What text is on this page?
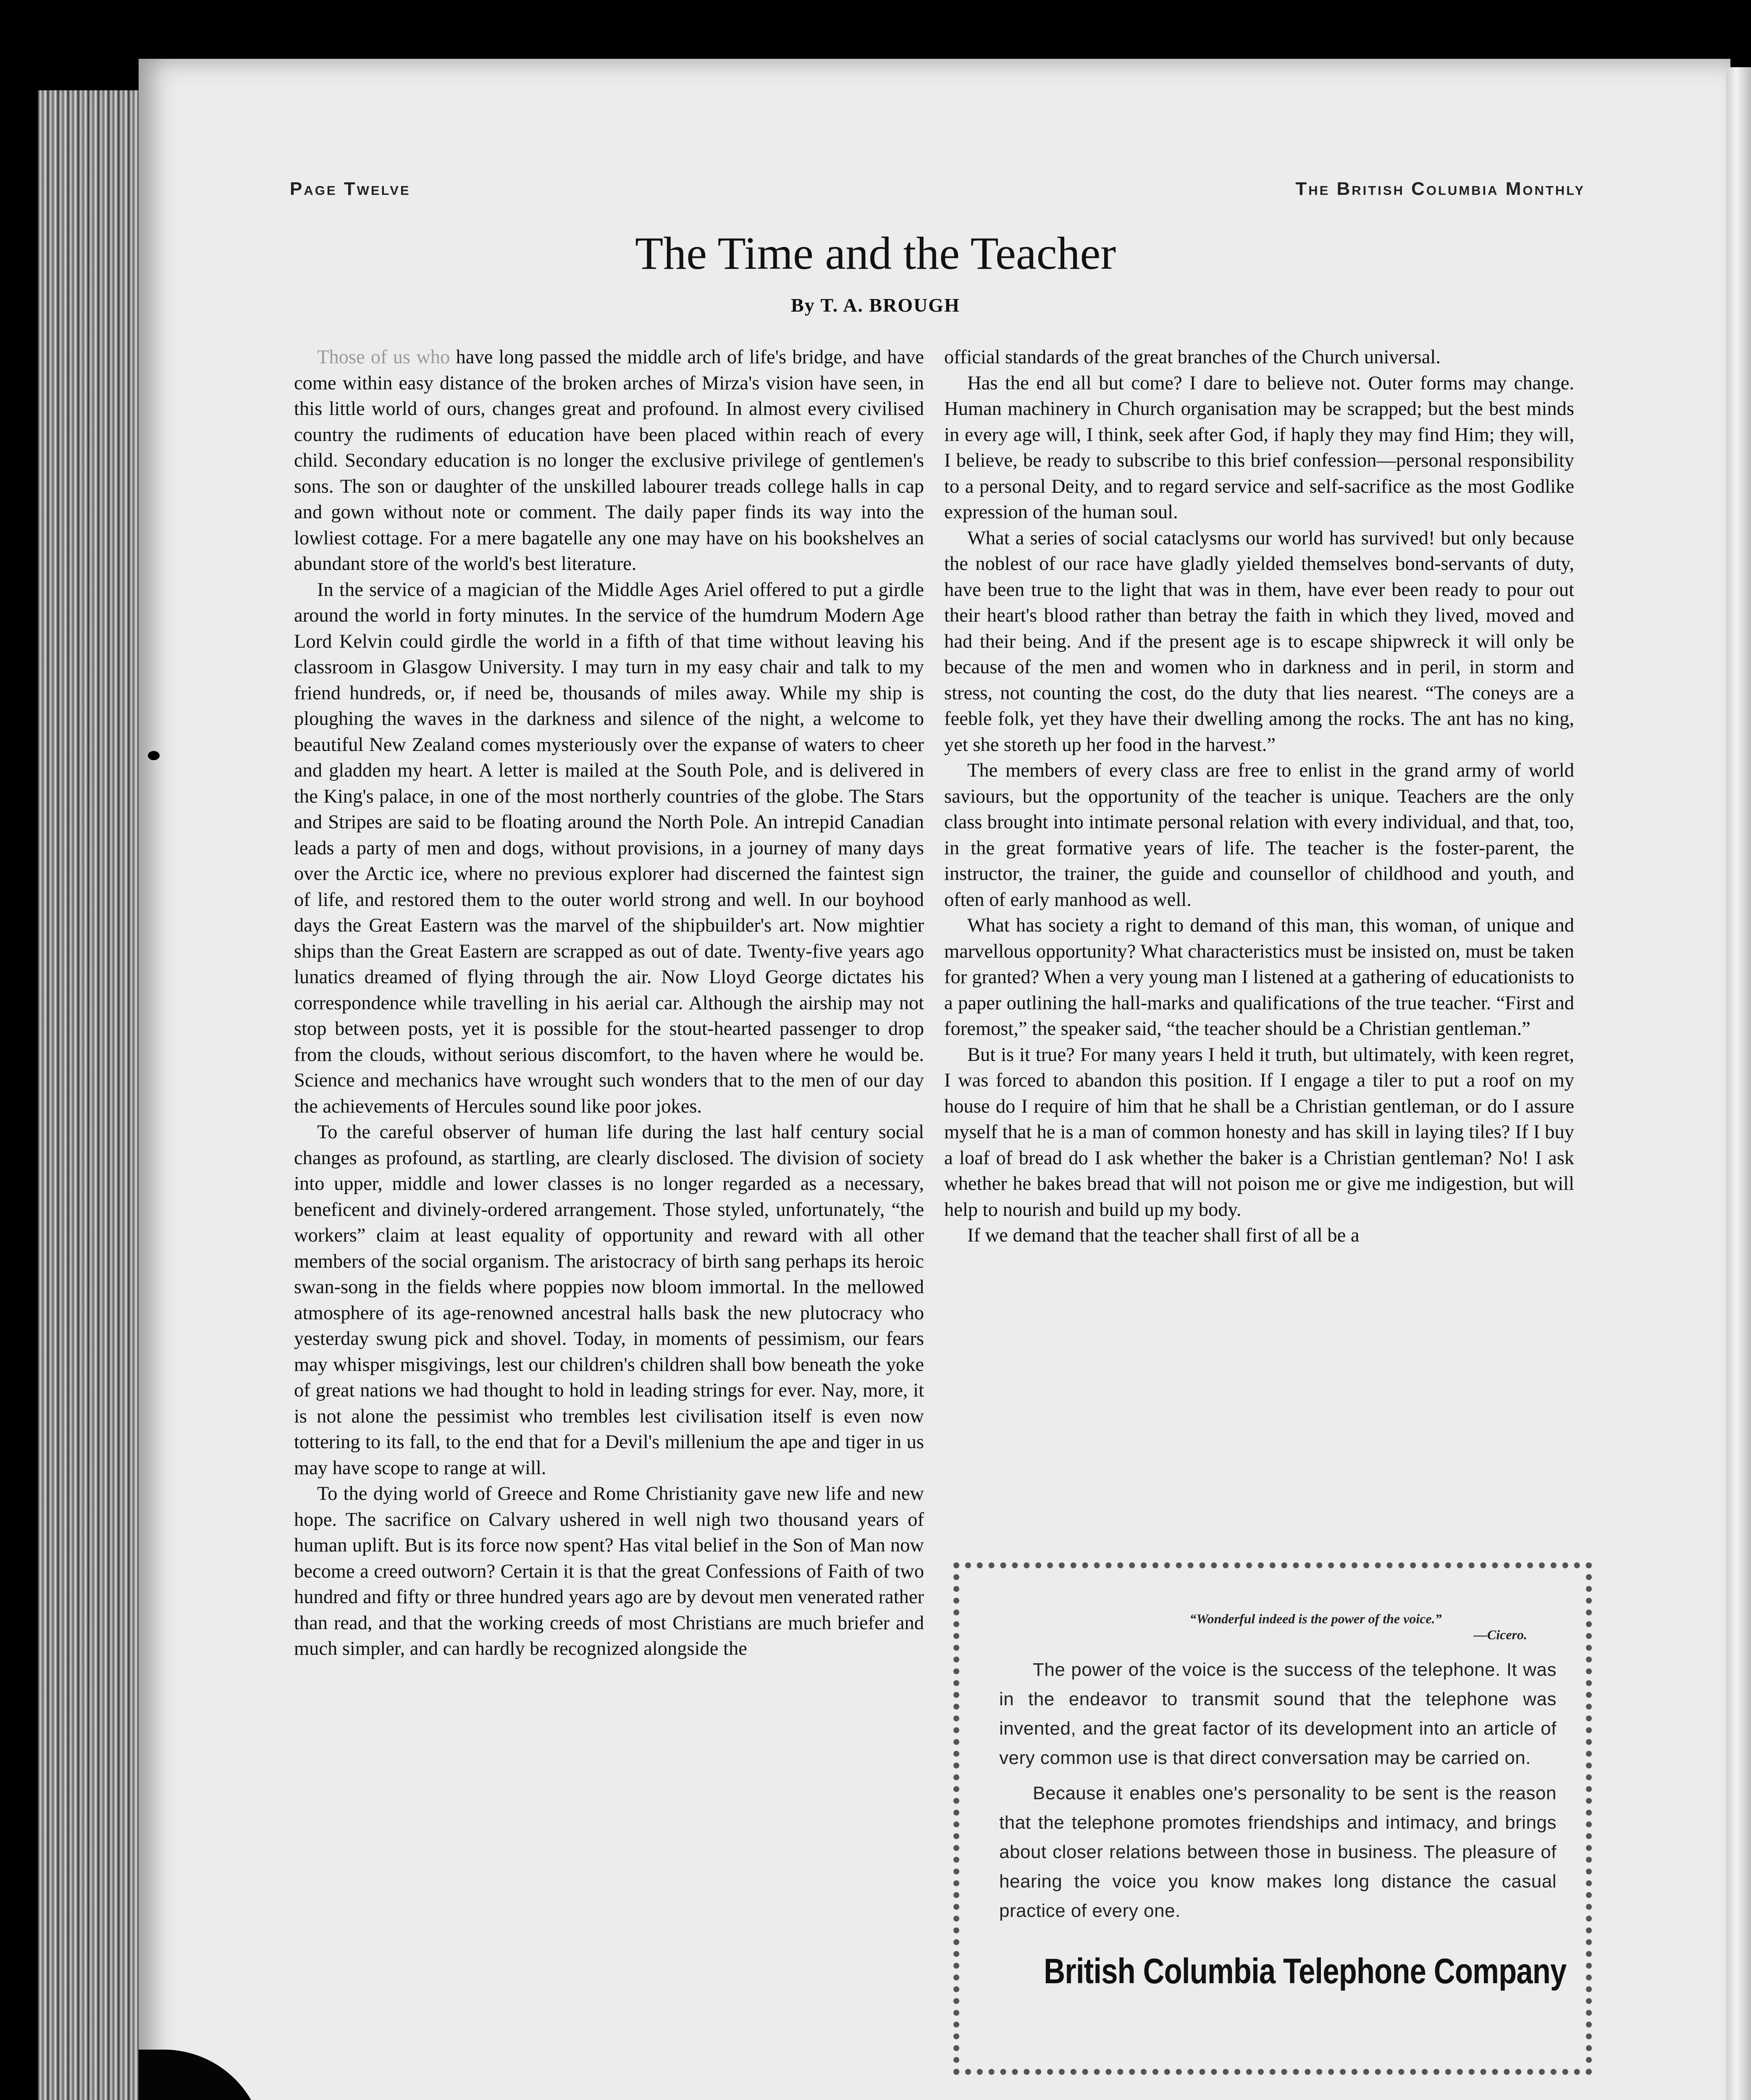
Page Twelve	The British Columbia Monthly
The Time and the Teacher
By T. A. BROUGH

Those of us who have long passed the middle arch of life's bridge, and have come within easy distance of the broken arches of Mirza's vision have seen, in this little world of ours, changes great and profound. In almost every civilised country the rudiments of education have been placed within reach of every child. Secondary education is no longer the exclusive privilege of gentlemen's sons. The son or daughter of the unskilled labourer treads college halls in cap and gown without note or comment. The daily paper finds its way into the lowliest cottage. For a mere bagatelle any one may have on his bookshelves an abundant store of the world's best literature.

In the service of a magician of the Middle Ages Ariel offered to put a girdle around the world in forty minutes. In the service of the humdrum Modern Age Lord Kelvin could girdle the world in a fifth of that time without leaving his classroom in Glasgow University. I may turn in my easy chair and talk to my friend hundreds, or, if need be, thousands of miles away. While my ship is ploughing the waves in the darkness and silence of the night, a welcome to beautiful New Zealand comes mysteriously over the expanse of waters to cheer and gladden my heart. A letter is mailed at the South Pole, and is delivered in the King's palace, in one of the most northerly countries of the globe. The Stars and Stripes are said to be floating around the North Pole. An intrepid Canadian leads a party of men and dogs, without provisions, in a journey of many days over the Arctic ice, where no previous explorer had discerned the faintest sign of life, and restored them to the outer world strong and well. In our boyhood days the Great Eastern was the marvel of the shipbuilder's art. Now mightier ships than the Great Eastern are scrapped as out of date. Twenty-five years ago lunatics dreamed of flying through the air. Now Lloyd George dictates his correspondence while travelling in his aerial car. Although the airship may not stop between posts, yet it is possible for the stout-hearted passenger to drop from the clouds, without serious discomfort, to the haven where he would be. Science and mechanics have wrought such wonders that to the men of our day the achievements of Hercules sound like poor jokes.

To the careful observer of human life during the last half century social changes as profound, as startling, are clearly disclosed. The division of society into upper, middle and lower classes is no longer regarded as a necessary, beneficent and divinely-ordered arrangement. Those styled, unfortunately, “the workers” claim at least equality of opportunity and reward with all other members of the social organism. The aristocracy of birth sang perhaps its heroic swan-song in the fields where poppies now bloom immortal. In the mellowed atmosphere of its age-renowned ancestral halls bask the new plutocracy who yesterday swung pick and shovel. Today, in moments of pessimism, our fears may whisper misgivings, lest our children's children shall bow beneath the yoke of great nations we had thought to hold in leading strings for ever. Nay, more, it is not alone the pessimist who trembles lest civilisation itself is even now tottering to its fall, to the end that for a Devil's millenium the ape and tiger in us may have scope to range at will.

To the dying world of Greece and Rome Christianity gave new life and new hope. The sacrifice on Calvary ushered in well nigh two thousand years of human uplift. But is its force now spent? Has vital belief in the Son of Man now become a creed outworn? Certain it is that the great Confessions of Faith of two hundred and fifty or three hundred years ago are by devout men venerated rather than read, and that the working creeds of most Christians are much briefer and much simpler, and can hardly be recognized alongside the

official standards of the great branches of the Church universal.

Has the end all but come? I dare to believe not. Outer forms may change. Human machinery in Church organisation may be scrapped; but the best minds in every age will, I think, seek after God, if haply they may find Him; they will, I believe, be ready to subscribe to this brief confession—personal responsibility to a personal Deity, and to regard service and self-sacrifice as the most Godlike expression of the human soul.

What a series of social cataclysms our world has survived! but only because the noblest of our race have gladly yielded themselves bond-servants of duty, have been true to the light that was in them, have ever been ready to pour out their heart's blood rather than betray the faith in which they lived, moved and had their being. And if the present age is to escape shipwreck it will only be because of the men and women who in darkness and in peril, in storm and stress, not counting the cost, do the duty that lies nearest. “The coneys are a feeble folk, yet they have their dwelling among the rocks. The ant has no king, yet she storeth up her food in the harvest.”

The members of every class are free to enlist in the grand army of world saviours, but the opportunity of the teacher is unique. Teachers are the only class brought into intimate personal relation with every individual, and that, too, in the great formative years of life. The teacher is the foster-parent, the instructor, the trainer, the guide and counsellor of childhood and youth, and often of early manhood as well.

What has society a right to demand of this man, this woman, of unique and marvellous opportunity? What characteristics must be insisted on, must be taken for granted? When a very young man I listened at a gathering of educationists to a paper outlining the hall-marks and qualifications of the true teacher. “First and foremost,” the speaker said, “the teacher should be a Christian gentleman.”

But is it true? For many years I held it truth, but ultimately, with keen regret, I was forced to abandon this position. If I engage a tiler to put a roof on my house do I require of him that he shall be a Christian gentleman, or do I assure myself that he is a man of common honesty and has skill in laying tiles? If I buy a loaf of bread do I ask whether the baker is a Christian gentleman? No! I ask whether he bakes bread that will not poison me or give me indigestion, but will help to nourish and build up my body.

If we demand that the teacher shall first of all be a

“Wonderful indeed is the power of the voice.”
—Cicero.

The power of the voice is the success of the telephone. It was in the endeavor to transmit sound that the telephone was invented, and the great factor of its development into an article of very common use is that direct conversation may be carried on.

Because it enables one's personality to be sent is the reason that the telephone promotes friendships and intimacy, and brings about closer relations between those in business. The pleasure of hearing the voice you know makes long distance the casual practice of every one.

British Columbia Telephone Company
